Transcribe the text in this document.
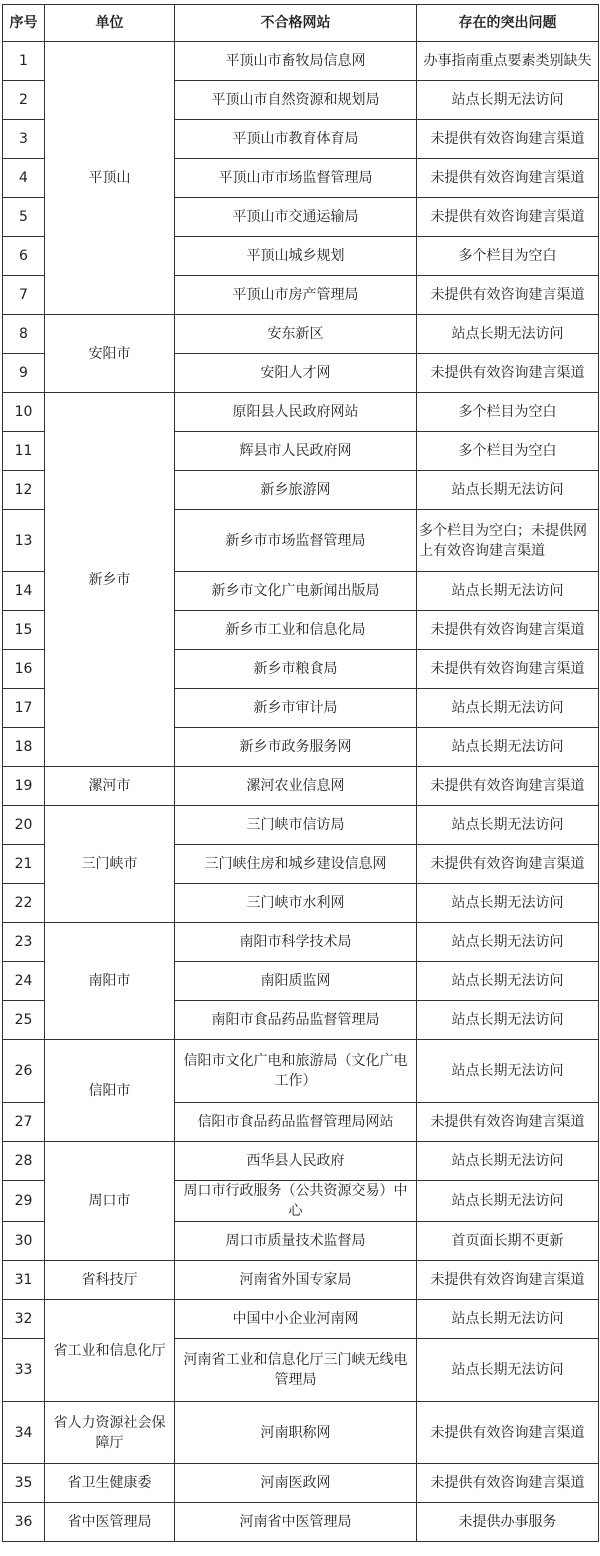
序号	单位	不合格网站	存在的突出问题
1	平顶山	平顶山市畜牧局信息网	办事指南重点要素类别缺失
2		平顶山市自然资源和规划局	站点长期无法访问
3		平顶山市教育体育局	未提供有效咨询建言渠道
4		平顶山市市场监督管理局	未提供有效咨询建言渠道
5		平顶山市交通运输局	未提供有效咨询建言渠道
6		平顶山城乡规划	多个栏目为空白
7		平顶山市房产管理局	未提供有效咨询建言渠道
8	安阳市	安东新区	站点长期无法访问
9		安阳人才网	未提供有效咨询建言渠道
10	新乡市	原阳县人民政府网站	多个栏目为空白
11		辉县市人民政府网	多个栏目为空白
12		新乡旅游网	站点长期无法访问
13		新乡市市场监督管理局	多个栏目为空白；未提供网上有效咨询建言渠道
14		新乡市文化广电新闻出版局	站点长期无法访问
15		新乡市工业和信息化局	未提供有效咨询建言渠道
16		新乡市粮食局	未提供有效咨询建言渠道
17		新乡市审计局	站点长期无法访问
18		新乡市政务服务网	站点长期无法访问
19	漯河市	漯河农业信息网	未提供有效咨询建言渠道
20	三门峡市	三门峡市信访局	站点长期无法访问
21		三门峡住房和城乡建设信息网	未提供有效咨询建言渠道
22		三门峡市水利网	站点长期无法访问
23	南阳市	南阳市科学技术局	站点长期无法访问
24		南阳质监网	站点长期无法访问
25		南阳市食品药品监督管理局	站点长期无法访问
26	信阳市	信阳市文化广电和旅游局（文化广电工作）	站点长期无法访问
27		信阳市食品药品监督管理局网站	未提供有效咨询建言渠道
28	周口市	西华县人民政府	站点长期无法访问
29		周口市行政服务（公共资源交易）中心	站点长期无法访问
30		周口市质量技术监督局	首页面长期不更新
31	省科技厅	河南省外国专家局	未提供有效咨询建言渠道
32	省工业和信息化厅	中国中小企业河南网	站点长期无法访问
33		河南省工业和信息化厅三门峡无线电管理局	站点长期无法访问
34	省人力资源社会保障厅	河南职称网	未提供有效咨询建言渠道
35	省卫生健康委	河南医政网	未提供有效咨询建言渠道
36	省中医管理局	河南省中医管理局	未提供办事服务
